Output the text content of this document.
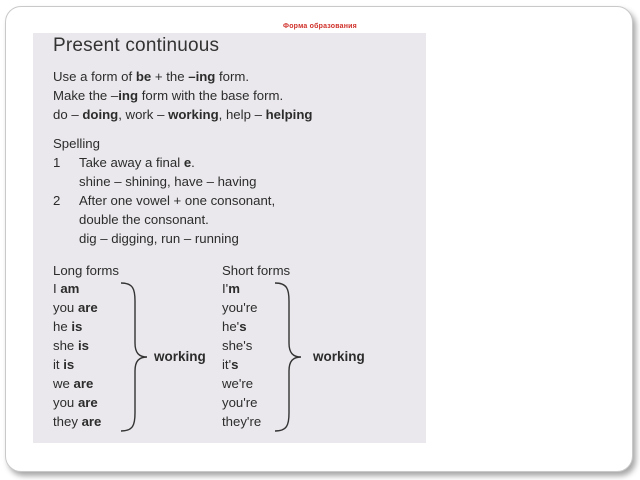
Форма образования
Present continuous
Use a form of be + the –ing form.
Make the –ing form with the base form.
do – doing, work – working, help – helping
Spelling
1 Take away a final e.
shine – shining, have – having
2 After one vowel + one consonant,
double the consonant.
dig – digging, run – running
Long forms	Short forms
I am
you are
he is
she is
it is
we are
you are
they are
working
I'm
you're
he's
she's
it's
we're
you're
they're
working
